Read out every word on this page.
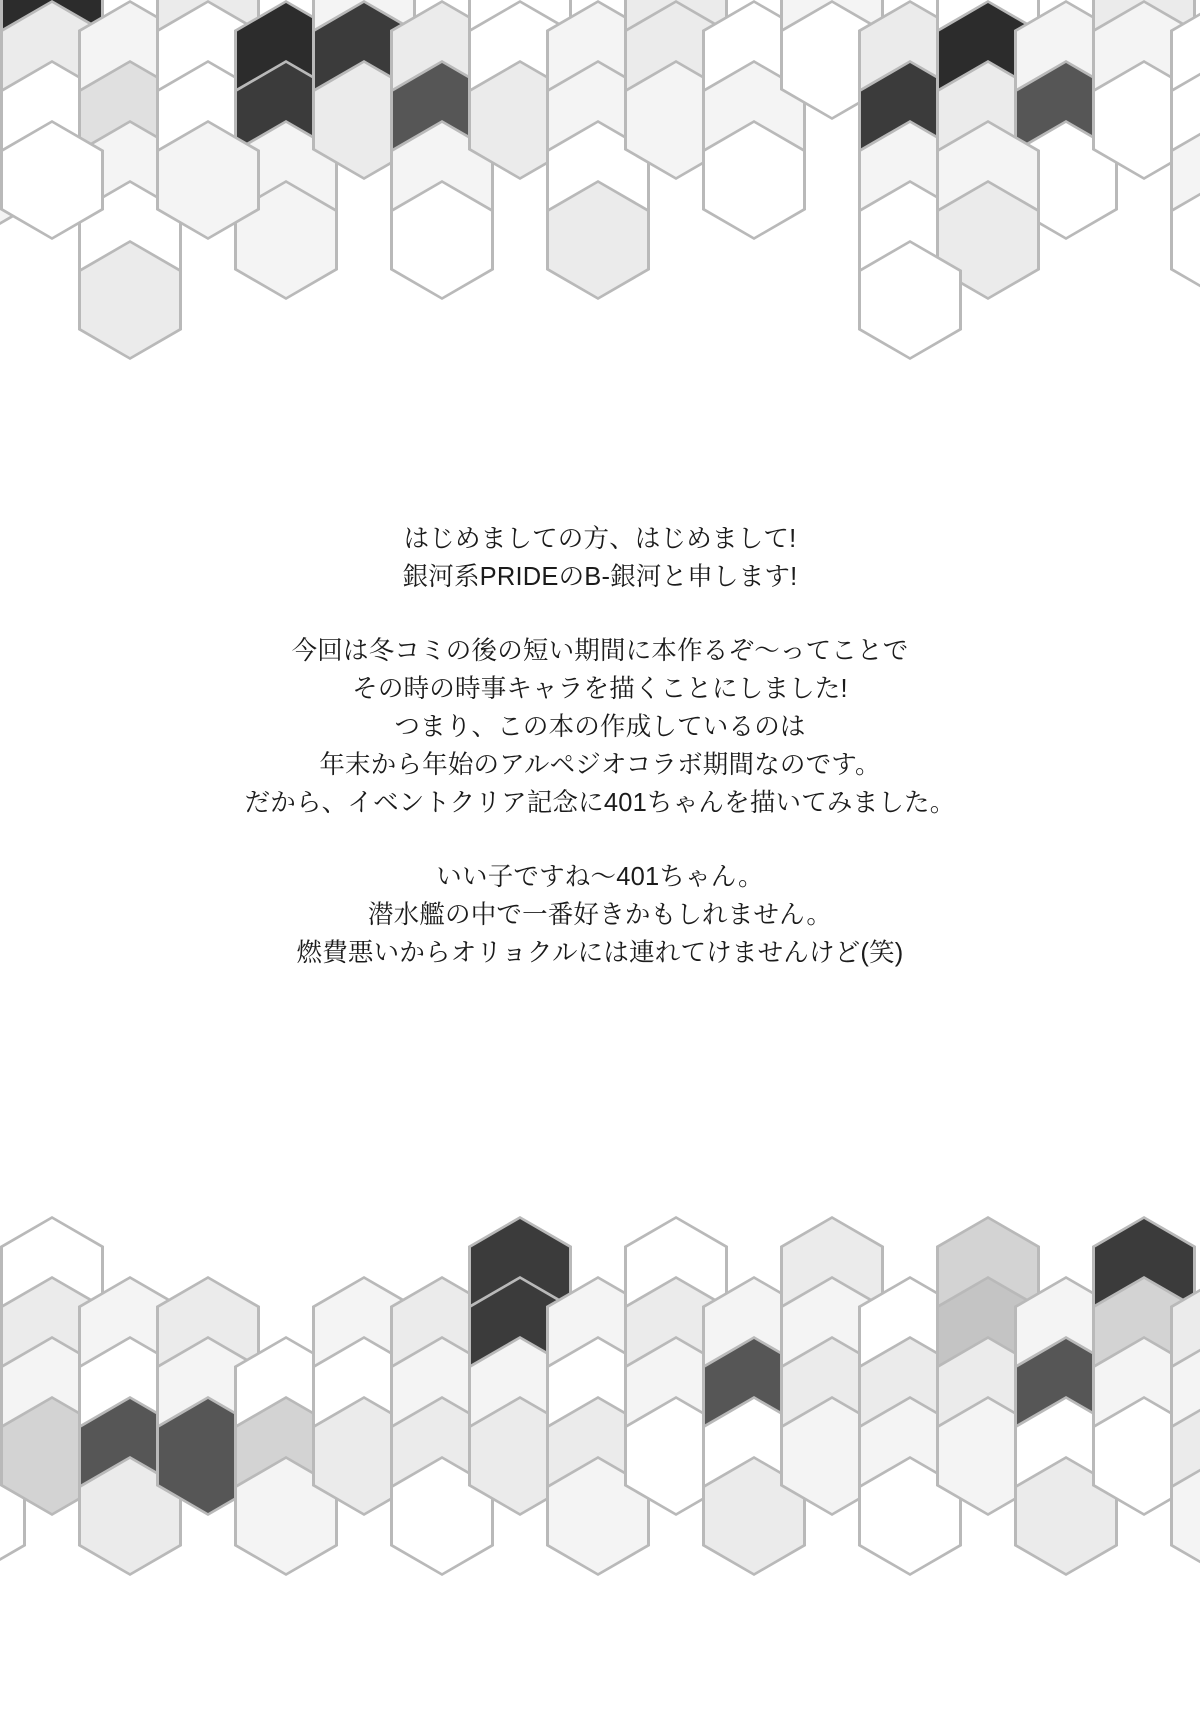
はじめましての方、はじめまして!
銀河系PRIDEのB-銀河と申します!
今回は冬コミの後の短い期間に本作るぞ〜ってことで
その時の時事キャラを描くことにしました!
つまり、この本の作成しているのは
年末から年始のアルペジオコラボ期間なのです。
だから、イベントクリア記念に401ちゃんを描いてみました。
いい子ですね〜401ちゃん。
潜水艦の中で一番好きかもしれません。
燃費悪いからオリョクルには連れてけませんけど(笑)
